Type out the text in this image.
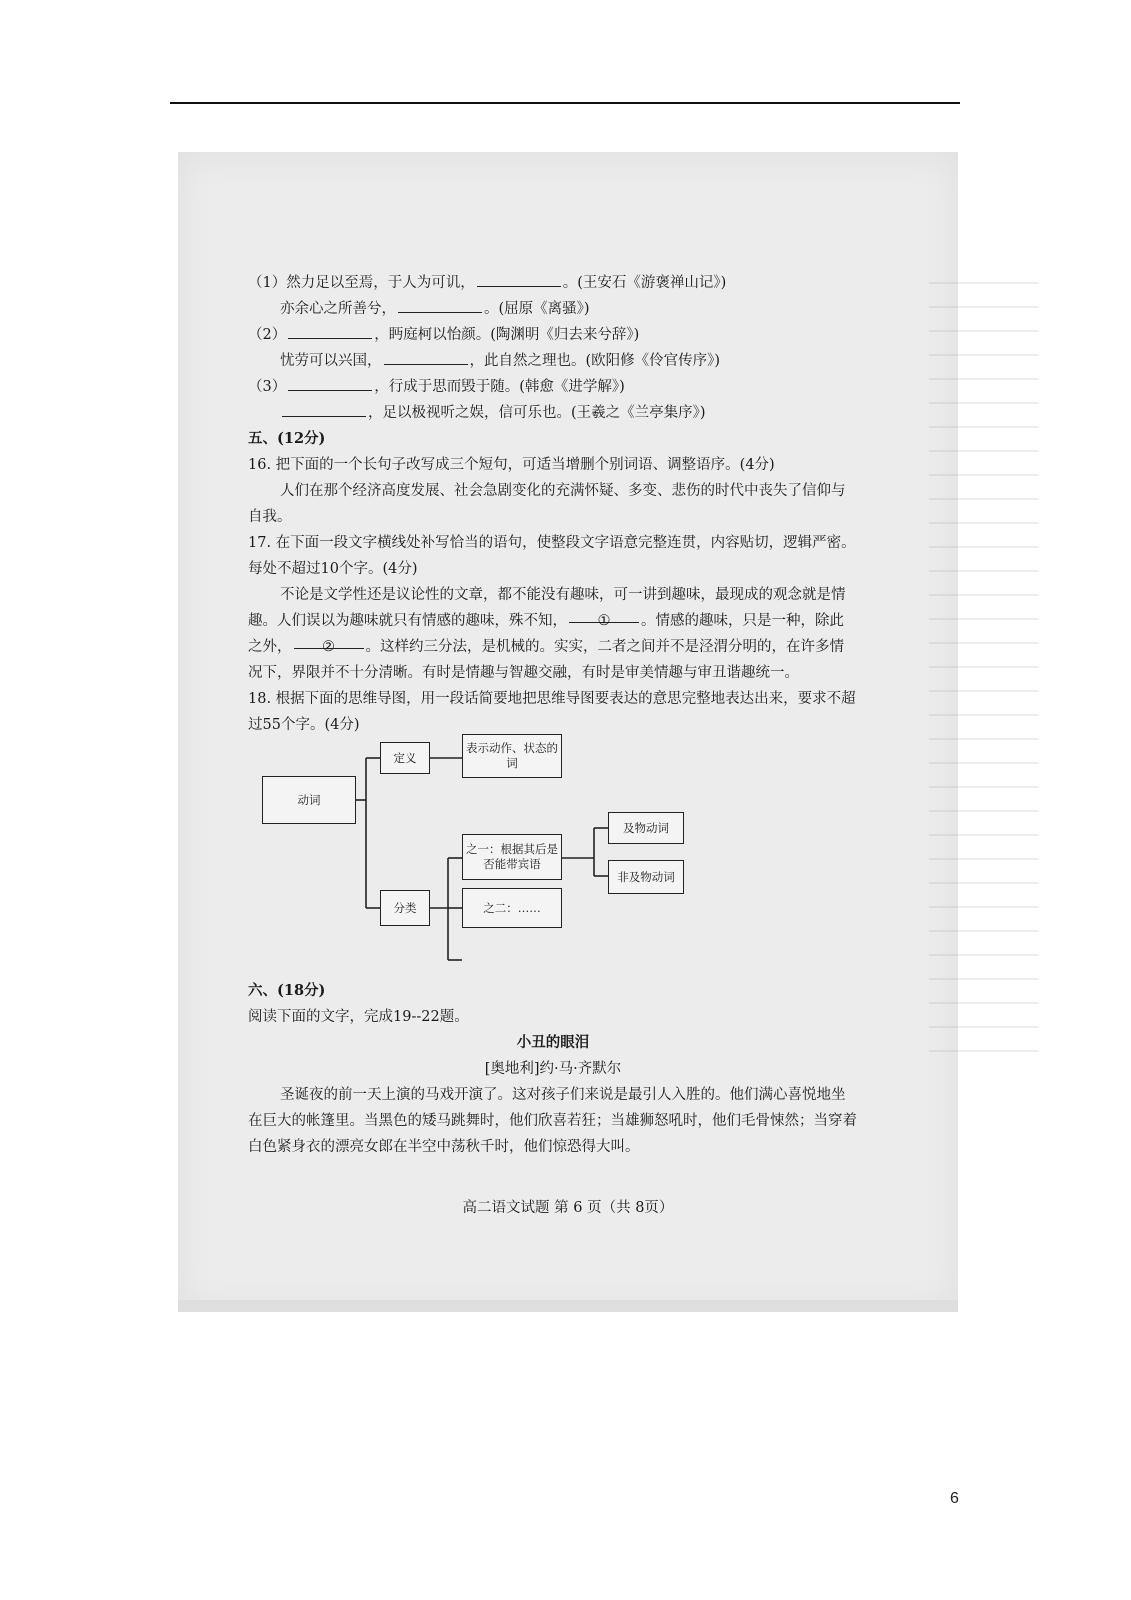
（1）然力足以至焉，于人为可讥，	。(王安石《游褒禅山记》)
亦余心之所善兮，	。(屈原《离骚》)
（2）	，眄庭柯以怡颜。(陶渊明《归去来兮辞》)
忧劳可以兴国，	，此自然之理也。(欧阳修《伶官传序》)
（3）	，行成于思而毁于随。(韩愈《进学解》)
，足以极视听之娱，信可乐也。(王羲之《兰亭集序》)
五、(12分)
16. 把下面的一个长句子改写成三个短句，可适当增删个别词语、调整语序。(4分)
人们在那个经济高度发展、社会急剧变化的充满怀疑、多变、悲伤的时代中丧失了信仰与自我。
17. 在下面一段文字横线处补写恰当的语句，使整段文字语意完整连贯，内容贴切，逻辑严密。每处不超过10个字。(4分)
不论是文学性还是议论性的文章，都不能没有趣味，可一讲到趣味，最现成的观念就是情趣。人们误以为趣味就只有情感的趣味，殊不知， ① 。情感的趣味，只是一种，除此之外， ② 。这样约三分法，是机械的。实实，二者之间并不是泾渭分明的，在许多情况下，界限并不十分清晰。有时是情趣与智趣交融，有时是审美情趣与审丑谐趣统一。
18. 根据下面的思维导图，用一段话简要地把思维导图要表达的意思完整地表达出来，要求不超过55个字。(4分)
动词
定义
表示动作、状态的词
分类
之一：根据其后是否能带宾语
及物动词
非及物动词
之二：……
六、(18分)
阅读下面的文字，完成19--22题。
小丑的眼泪
[奥地利]约·马·齐默尔
圣诞夜的前一天上演的马戏开演了。这对孩子们来说是最引人入胜的。他们满心喜悦地坐在巨大的帐篷里。当黑色的矮马跳舞时，他们欣喜若狂；当雄狮怒吼时，他们毛骨悚然；当穿着白色紧身衣的漂亮女郎在半空中荡秋千时，他们惊恐得大叫。
高二语文试题 第 6 页（共 8页）
6
